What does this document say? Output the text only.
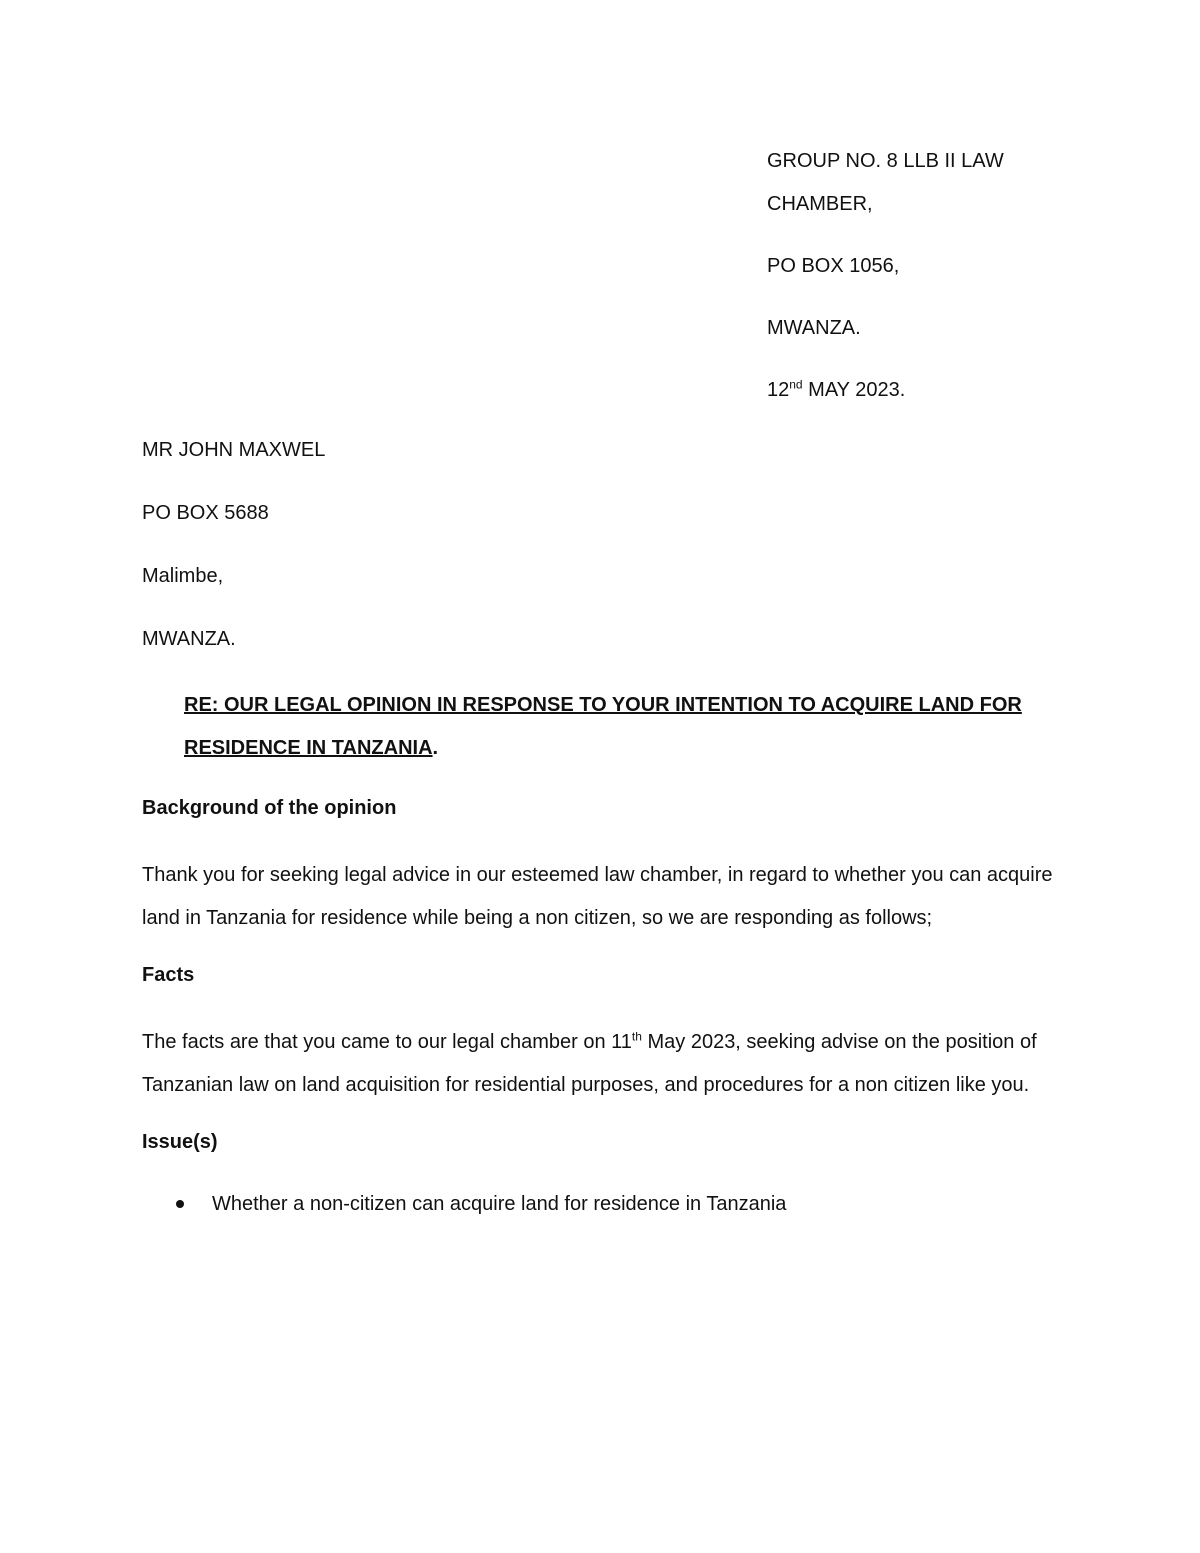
GROUP NO. 8 LLB II LAW
CHAMBER,
PO BOX 1056,
MWANZA.
12nd MAY 2023.
MR JOHN MAXWEL
PO BOX 5688
Malimbe,
MWANZA.
RE: OUR LEGAL OPINION IN RESPONSE TO YOUR INTENTION TO ACQUIRE LAND FOR RESIDENCE IN TANZANIA.
Background of the opinion

Thank you for seeking legal advice in our esteemed law chamber, in regard to whether you can acquire land in Tanzania for residence while being a non citizen, so we are responding as follows;

Facts

The facts are that you came to our legal chamber on 11th May 2023, seeking advise on the position of Tanzanian law on land acquisition for residential purposes, and procedures for a non citizen like you.

Issue(s)
Whether a non-citizen can acquire land for residence in Tanzania
